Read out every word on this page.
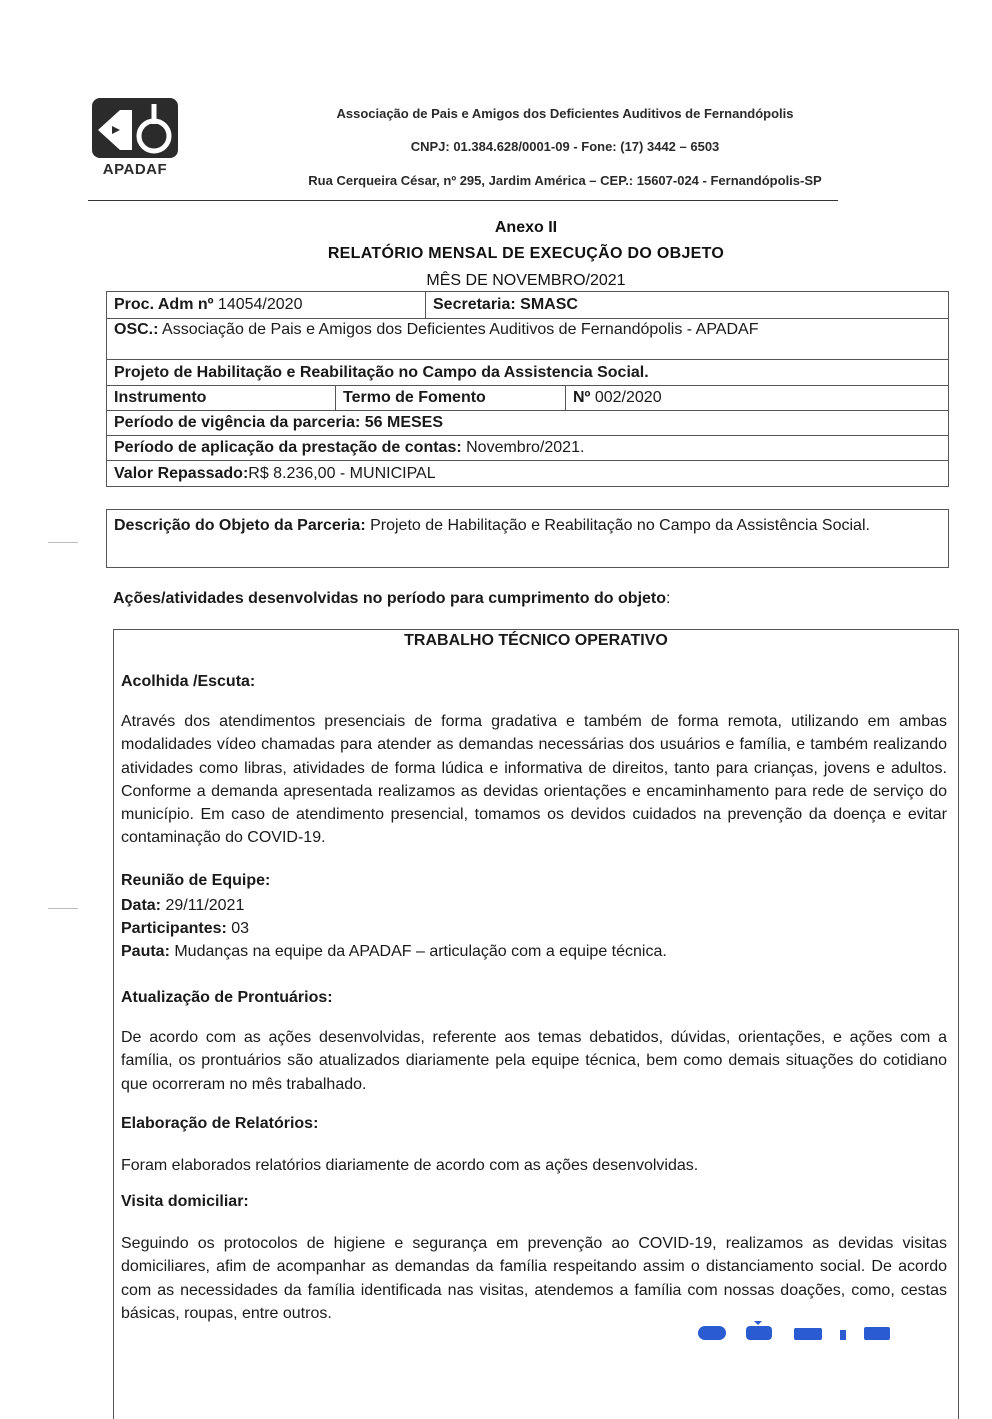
APADAF
Associação de Pais e Amigos dos Deficientes Auditivos de Fernandópolis
CNPJ: 01.384.628/0001-09 - Fone: (17) 3442 – 6503
Rua Cerqueira César, nº 295, Jardim América – CEP.: 15607-024 - Fernandópolis-SP
Anexo II
RELATÓRIO MENSAL DE EXECUÇÃO DO OBJETO
MÊS DE NOVEMBRO/2021
Proc. Adm nº 14054/2020	Secretaria: SMASC
OSC.: Associação de Pais e Amigos dos Deficientes Auditivos de Fernandópolis - APADAF
Projeto de Habilitação e Reabilitação no Campo da Assistencia Social.
Instrumento	Termo de Fomento	Nº 002/2020
Período de vigência da parceria: 56 MESES
Período de aplicação da prestação de contas: Novembro/2021.
Valor Repassado: R$ 8.236,00 - MUNICIPAL
Descrição do Objeto da Parceria: Projeto de Habilitação e Reabilitação no Campo da Assistência Social.
Ações/atividades desenvolvidas no período para cumprimento do objeto:
TRABALHO TÉCNICO OPERATIVO
Acolhida /Escuta:
Através dos atendimentos presenciais de forma gradativa e também de forma remota, utilizando em ambas modalidades vídeo chamadas para atender as demandas necessárias dos usuários e família, e também realizando atividades como libras, atividades de forma lúdica e informativa de direitos, tanto para crianças, jovens e adultos. Conforme a demanda apresentada realizamos as devidas orientações e encaminhamento para rede de serviço do município. Em caso de atendimento presencial, tomamos os devidos cuidados na prevenção da doença e evitar contaminação do COVID-19.
Reunião de Equipe:
Data: 29/11/2021
Participantes: 03
Pauta: Mudanças na equipe da APADAF – articulação com a equipe técnica.
Atualização de Prontuários:
De acordo com as ações desenvolvidas, referente aos temas debatidos, dúvidas, orientações, e ações com a família, os prontuários são atualizados diariamente pela equipe técnica, bem como demais situações do cotidiano que ocorreram no mês trabalhado.
Elaboração de Relatórios:
Foram elaborados relatórios diariamente de acordo com as ações desenvolvidas.
Visita domiciliar:
Seguindo os protocolos de higiene e segurança em prevenção ao COVID-19, realizamos as devidas visitas domiciliares, afim de acompanhar as demandas da família respeitando assim o distanciamento social. De acordo com as necessidades da família identificada nas visitas, atendemos a família com nossas doações, como, cestas básicas, roupas, entre outros.
